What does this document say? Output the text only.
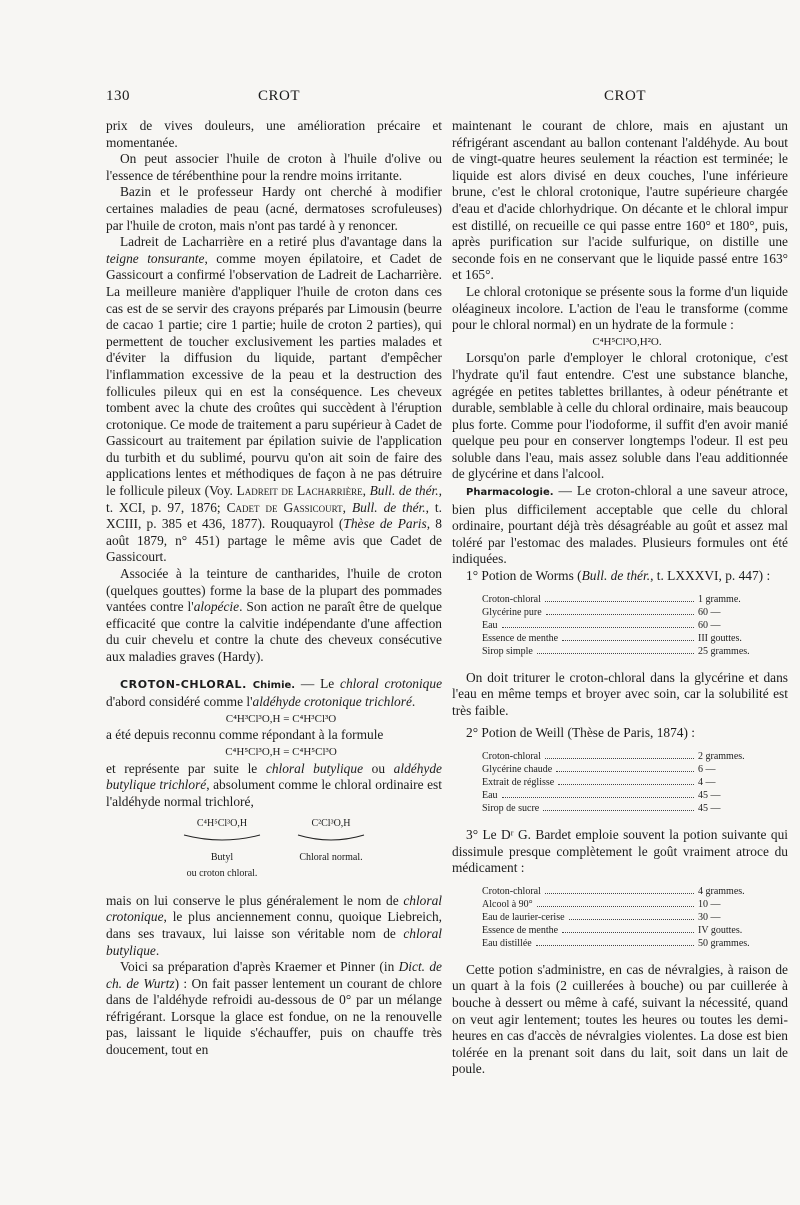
130	CROT	CROT

prix de vives douleurs, une amélioration précaire et momentanée.

On peut associer l'huile de croton à l'huile d'olive ou l'essence de térébenthine pour la rendre moins irritante.

Bazin et le professeur Hardy ont cherché à modifier certaines maladies de peau (acné, dermatoses scrofuleuses) par l'huile de croton, mais n'ont pas tardé à y renoncer.

Ladreit de Lacharrière en a retiré plus d'avantage dans la teigne tonsurante, comme moyen épilatoire, et Cadet de Gassicourt a confirmé l'observation de Ladreit de Lacharrière. La meilleure manière d'appliquer l'huile de croton dans ces cas est de se servir des crayons préparés par Limousin (beurre de cacao 1 partie; cire 1 partie; huile de croton 2 parties), qui permettent de toucher exclusivement les parties malades et d'éviter la diffusion du liquide, partant d'empêcher l'inflammation excessive de la peau et la destruction des follicules pileux qui en est la conséquence. Les cheveux tombent avec la chute des croûtes qui succèdent à l'éruption crotonique. Ce mode de traitement a paru supérieur à Cadet de Gassicourt au traitement par épilation suivie de l'application du turbith et du sublimé, pourvu qu'on ait soin de faire des applications lentes et méthodiques de façon à ne pas détruire le follicule pileux (Voy. Ladreit de Lacharrière, Bull. de thér., t. XCI, p. 97, 1876; Cadet de Gassicourt, Bull. de thér., t. XCIII, p. 385 et 436, 1877). Rouquayrol (Thèse de Paris, 8 août 1879, n° 451) partage le même avis que Cadet de Gassicourt.

Associée à la teinture de cantharides, l'huile de croton (quelques gouttes) forme la base de la plupart des pommades vantées contre l'alopécie. Son action ne paraît être de quelque efficacité que contre la calvitie indépendante d'une affection du cuir chevelu et contre la chute des cheveux consécutive aux maladies graves (Hardy).

CROTON-CHLORAL. Chimie. — Le chloral crotonique d'abord considéré comme l'aldéhyde crotonique trichloré.

C⁴H³Cl³O,H = C⁴H³Cl³O

a été depuis reconnu comme répondant à la formule

C⁴H⁵Cl³O,H = C⁴H⁵Cl³O

et représente par suite le chloral butylique ou aldéhyde butylique trichloré, absolument comme le chloral ordinaire est l'aldéhyde normal trichloré,

C⁴H⁵Cl³O,H
Butyl
ou croton chloral.
C²Cl³O,H
Chloral normal.

mais on lui conserve le plus généralement le nom de chloral crotonique, le plus anciennement connu, quoique Liebreich, dans ses travaux, lui laisse son véritable nom de chloral butylique.

Voici sa préparation d'après Kraemer et Pinner (in Dict. de ch. de Wurtz) : On fait passer lentement un courant de chlore dans de l'aldéhyde refroidi au-dessous de 0° par un mélange réfrigérant. Lorsque la glace est fondue, on ne la renouvelle pas, laissant le liquide s'échauffer, puis on chauffe très doucement, tout en

maintenant le courant de chlore, mais en ajustant un réfrigérant ascendant au ballon contenant l'aldéhyde. Au bout de vingt-quatre heures seulement la réaction est terminée; le liquide est alors divisé en deux couches, l'une inférieure brune, c'est le chloral crotonique, l'autre supérieure chargée d'eau et d'acide chlorhydrique. On décante et le chloral impur est distillé, on recueille ce qui passe entre 160° et 180°, puis, après purification sur l'acide sulfurique, on distille une seconde fois en ne conservant que le liquide passé entre 163° et 165°.

Le chloral crotonique se présente sous la forme d'un liquide oléagineux incolore. L'action de l'eau le transforme (comme pour le chloral normal) en un hydrate de la formule :

C⁴H⁵Cl³O,H²O.

Lorsqu'on parle d'employer le chloral crotonique, c'est l'hydrate qu'il faut entendre. C'est une substance blanche, agrégée en petites tablettes brillantes, à odeur pénétrante et durable, semblable à celle du chloral ordinaire, mais beaucoup plus forte. Comme pour l'iodoforme, il suffit d'en avoir manié quelque peu pour en conserver longtemps l'odeur. Il est peu soluble dans l'eau, mais assez soluble dans l'eau additionnée de glycérine et dans l'alcool.

Pharmacologie. — Le croton-chloral a une saveur atroce, bien plus difficilement acceptable que celle du chloral ordinaire, pourtant déjà très désagréable au goût et assez mal toléré par l'estomac des malades. Plusieurs formules ont été indiquées.

1° Potion de Worms (Bull. de thér., t. LXXXVI, p. 447) :

Croton-chloral	1 gramme.
Glycérine pure	60 —
Eau	60 —
Essence de menthe	III gouttes.
Sirop simple	25 grammes.

On doit triturer le croton-chloral dans la glycérine et dans l'eau en même temps et broyer avec soin, car la solubilité est très faible.

2° Potion de Weill (Thèse de Paris, 1874) :

Croton-chloral	2 grammes.
Glycérine chaude	6 —
Extrait de réglisse	4 —
Eau	45 —
Sirop de sucre	45 —

3° Le Dʳ G. Bardet emploie souvent la potion suivante qui dissimule presque complètement le goût vraiment atroce du médicament :

Croton-chloral	4 grammes.
Alcool à 90°	10 —
Eau de laurier-cerise	30 —
Essence de menthe	IV gouttes.
Eau distillée	50 grammes.

Cette potion s'administre, en cas de névralgies, à raison de un quart à la fois (2 cuillerées à bouche) ou par cuillerée à bouche à dessert ou même à café, suivant la nécessité, quand on veut agir lentement; toutes les heures ou toutes les demi-heures en cas d'accès de névralgies violentes. La dose est bien tolérée en la prenant soit dans du lait, soit dans un lait de poule.
